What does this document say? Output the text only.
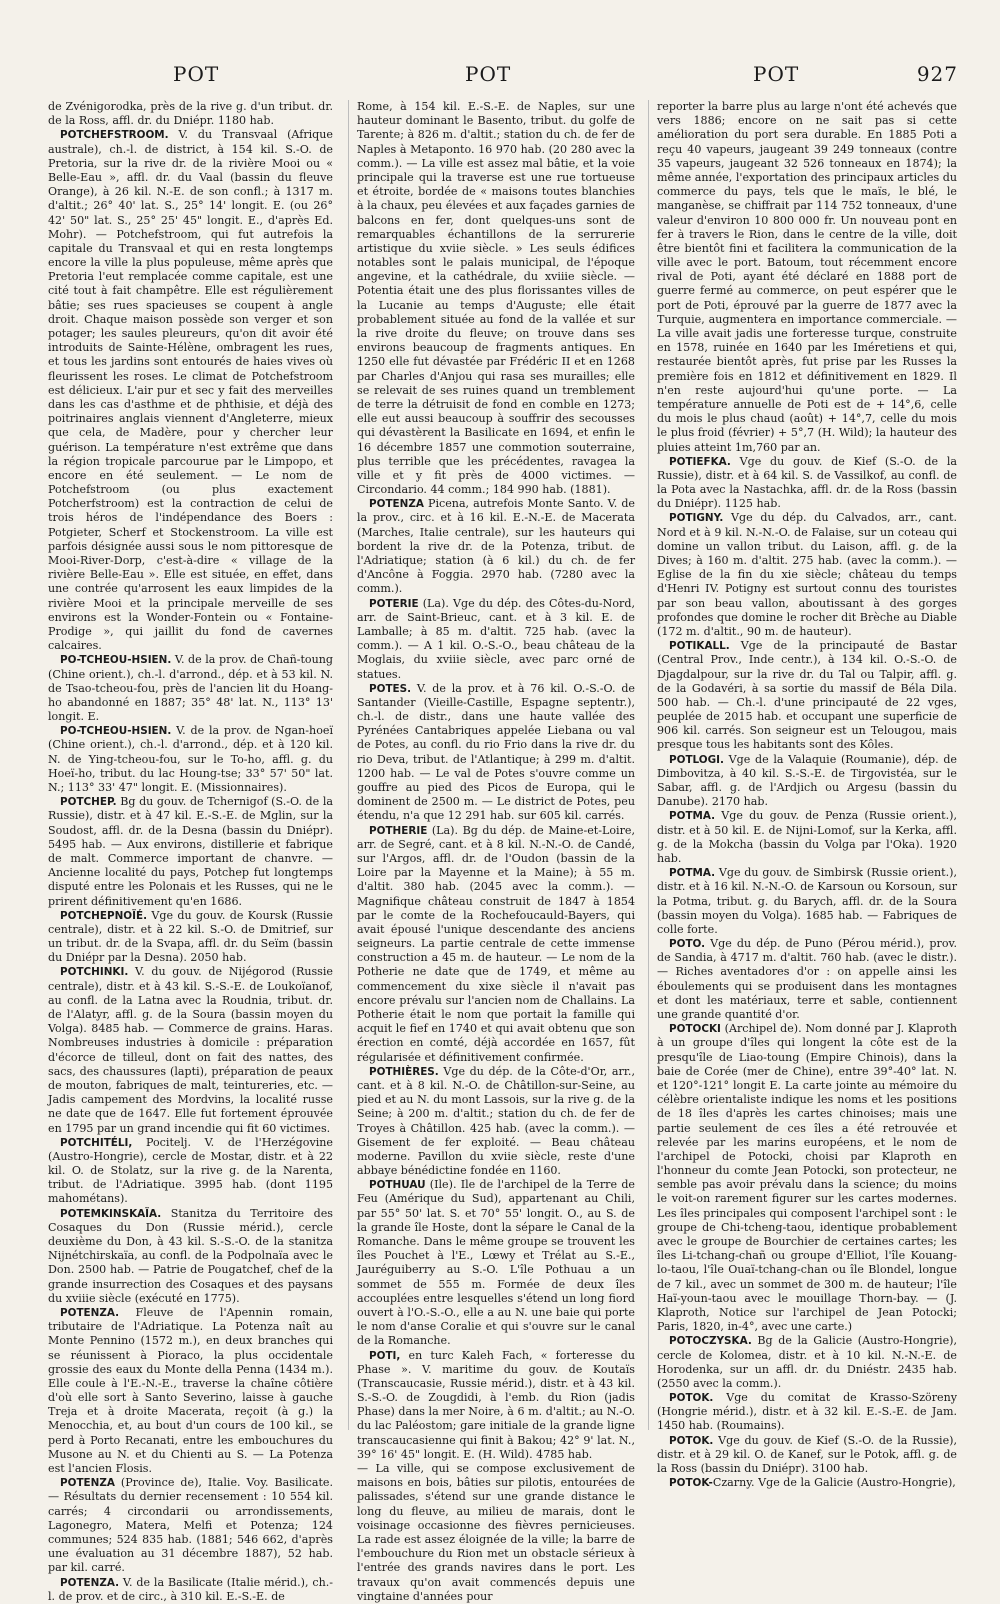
POT	POT	POT	927

de Zvénigorodka, près de la rive g. d'un tribut. dr. de la Ross, affl. dr. du Dniépr. 1180 hab.

POTCHEFSTROOM. V. du Transvaal (Afrique australe), ch.-l. de district, à 154 kil. S.-O. de Pretoria, sur la rive dr. de la rivière Mooi ou « Belle-Eau », affl. dr. du Vaal (bassin du fleuve Orange), à 26 kil. N.-E. de son confl.; à 1317 m. d'altit.; 26° 40' lat. S., 25° 14' longit. E. (ou 26° 42' 50" lat. S., 25° 25' 45" longit. E., d'après Ed. Mohr). — Potchefstroom, qui fut autrefois la capitale du Transvaal et qui en resta longtemps encore la ville la plus populeuse, même après que Pretoria l'eut remplacée comme capitale, est une cité tout à fait champêtre. Elle est régulièrement bâtie; ses rues spacieuses se coupent à angle droit. Chaque maison possède son verger et son potager; les saules pleureurs, qu'on dit avoir été introduits de Sainte-Hélène, ombragent les rues, et tous les jardins sont entourés de haies vives où fleurissent les roses. Le climat de Potchefstroom est délicieux. L'air pur et sec y fait des merveilles dans les cas d'asthme et de phthisie, et déjà des poitrinaires anglais viennent d'Angleterre, mieux que cela, de Madère, pour y chercher leur guérison. La température n'est extrême que dans la région tropicale parcourue par le Limpopo, et encore en été seulement. — Le nom de Potchefstroom (ou plus exactement Potcherfstroom) est la contraction de celui de trois héros de l'indépendance des Boers : Potgieter, Scherf et Stockenstroom. La ville est parfois désignée aussi sous le nom pittoresque de Mooi-River-Dorp, c'est-à-dire « village de la rivière Belle-Eau ». Elle est située, en effet, dans une contrée qu'arrosent les eaux limpides de la rivière Mooi et la principale merveille de ses environs est la Wonder-Fontein ou « Fontaine-Prodige », qui jaillit du fond de cavernes calcaires.

PO-TCHEOU-HSIEN. V. de la prov. de Chañ-toung (Chine orient.), ch.-l. d'arrond., dép. et à 53 kil. N. de Tsao-tcheou-fou, près de l'ancien lit du Hoang-ho abandonné en 1887; 35° 48' lat. N., 113° 13' longit. E.

PO-TCHEOU-HSIEN. V. de la prov. de Ngan-hoeï (Chine orient.), ch.-l. d'arrond., dép. et à 120 kil. N. de Ying-tcheou-fou, sur le To-ho, affl. g. du Hoeï-ho, tribut. du lac Houng-tse; 33° 57' 50" lat. N.; 113° 33' 47" longit. E. (Missionnaires).

POTCHEP. Bg du gouv. de Tchernigof (S.-O. de la Russie), distr. et à 47 kil. E.-S.-E. de Mglin, sur la Soudost, affl. dr. de la Desna (bassin du Dniépr). 5495 hab. — Aux environs, distillerie et fabrique de malt. Commerce important de chanvre. — Ancienne localité du pays, Potchep fut longtemps disputé entre les Polonais et les Russes, qui ne le prirent définitivement qu'en 1686.

POTCHEPNOÏÉ. Vge du gouv. de Koursk (Russie centrale), distr. et à 22 kil. S.-O. de Dmitrief, sur un tribut. dr. de la Svapa, affl. dr. du Seïm (bassin du Dniépr par la Desna). 2050 hab.

POTCHINKI. V. du gouv. de Nijégorod (Russie centrale), distr. et à 43 kil. S.-S.-E. de Loukoïanof, au confl. de la Latna avec la Roudnia, tribut. dr. de l'Alatyr, affl. g. de la Soura (bassin moyen du Volga). 8485 hab. — Commerce de grains. Haras. Nombreuses industries à domicile : préparation d'écorce de tilleul, dont on fait des nattes, des sacs, des chaussures (lapti), préparation de peaux de mouton, fabriques de malt, teintureries, etc. — Jadis campement des Mordvins, la localité russe ne date que de 1647. Elle fut fortement éprouvée en 1795 par un grand incendie qui fit 60 victimes.

POTCHITÉLI, Pocitelj. V. de l'Herzégovine (Austro-Hongrie), cercle de Mostar, distr. et à 22 kil. O. de Stolatz, sur la rive g. de la Narenta, tribut. de l'Adriatique. 3995 hab. (dont 1195 mahométans).

POTEMKINSKAÏA. Stanitza du Territoire des Cosaques du Don (Russie mérid.), cercle deuxième du Don, à 43 kil. S.-S.-O. de la stanitza Nijnétchirskaïa, au confl. de la Podpolnaïa avec le Don. 2500 hab. — Patrie de Pougatchef, chef de la grande insurrection des Cosaques et des paysans du xviiie siècle (exécuté en 1775).

POTENZA. Fleuve de l'Apennin romain, tributaire de l'Adriatique. La Potenza naît au Monte Pennino (1572 m.), en deux branches qui se réunissent à Pioraco, la plus occidentale grossie des eaux du Monte della Penna (1434 m.). Elle coule à l'E.-N.-E., traverse la chaîne côtière d'où elle sort à Santo Severino, laisse à gauche Treja et à droite Macerata, reçoit (à g.) la Menocchia, et, au bout d'un cours de 100 kil., se perd à Porto Recanati, entre les embouchures du Musone au N. et du Chienti au S. — La Potenza est l'ancien Flosis.

POTENZA (Province de), Italie. Voy. Basilicate. — Résultats du dernier recensement : 10 554 kil. carrés; 4 circondarii ou arrondissements, Lagonegro, Matera, Melfi et Potenza; 124 communes; 524 835 hab. (1881; 546 662, d'après une évaluation au 31 décembre 1887), 52 hab. par kil. carré.

POTENZA. V. de la Basilicate (Italie mérid.), ch.-l. de prov. et de circ., à 310 kil. E.-S.-E. de

Rome, à 154 kil. E.-S.-E. de Naples, sur une hauteur dominant le Basento, tribut. du golfe de Tarente; à 826 m. d'altit.; station du ch. de fer de Naples à Metaponto. 16 970 hab. (20 280 avec la comm.). — La ville est assez mal bâtie, et la voie principale qui la traverse est une rue tortueuse et étroite, bordée de « maisons toutes blanchies à la chaux, peu élevées et aux façades garnies de balcons en fer, dont quelques-uns sont de remarquables échantillons de la serrurerie artistique du xviie siècle. » Les seuls édifices notables sont le palais municipal, de l'époque angevine, et la cathédrale, du xviiie siècle. — Potentia était une des plus florissantes villes de la Lucanie au temps d'Auguste; elle était probablement située au fond de la vallée et sur la rive droite du fleuve; on trouve dans ses environs beaucoup de fragments antiques. En 1250 elle fut dévastée par Frédéric II et en 1268 par Charles d'Anjou qui rasa ses murailles; elle se relevait de ses ruines quand un tremblement de terre la détruisit de fond en comble en 1273; elle eut aussi beaucoup à souffrir des secousses qui dévastèrent la Basilicate en 1694, et enfin le 16 décembre 1857 une commotion souterraine, plus terrible que les précédentes, ravagea la ville et y fit près de 4000 victimes. — Circondario. 44 comm.; 184 990 hab. (1881).

POTENZA Picena, autrefois Monte Santo. V. de la prov., circ. et à 16 kil. E.-N.-E. de Macerata (Marches, Italie centrale), sur les hauteurs qui bordent la rive dr. de la Potenza, tribut. de l'Adriatique; station (à 6 kil.) du ch. de fer d'Ancône à Foggia. 2970 hab. (7280 avec la comm.).

POTERIE (La). Vge du dép. des Côtes-du-Nord, arr. de Saint-Brieuc, cant. et à 3 kil. E. de Lamballe; à 85 m. d'altit. 725 hab. (avec la comm.). — A 1 kil. O.-S.-O., beau château de la Moglais, du xviiie siècle, avec parc orné de statues.

POTES. V. de la prov. et à 76 kil. O.-S.-O. de Santander (Vieille-Castille, Espagne septentr.), ch.-l. de distr., dans une haute vallée des Pyrénées Cantabriques appelée Liebana ou val de Potes, au confl. du rio Frio dans la rive dr. du rio Deva, tribut. de l'Atlantique; à 299 m. d'altit. 1200 hab. — Le val de Potes s'ouvre comme un gouffre au pied des Picos de Europa, qui le dominent de 2500 m. — Le district de Potes, peu étendu, n'a que 12 291 hab. sur 605 kil. carrés.

POTHERIE (La). Bg du dép. de Maine-et-Loire, arr. de Segré, cant. et à 8 kil. N.-N.-O. de Candé, sur l'Argos, affl. dr. de l'Oudon (bassin de la Loire par la Mayenne et la Maine); à 55 m. d'altit. 380 hab. (2045 avec la comm.). — Magnifique château construit de 1847 à 1854 par le comte de la Rochefoucauld-Bayers, qui avait épousé l'unique descendante des anciens seigneurs. La partie centrale de cette immense construction a 45 m. de hauteur. — Le nom de la Potherie ne date que de 1749, et même au commencement du xixe siècle il n'avait pas encore prévalu sur l'ancien nom de Challains. La Potherie était le nom que portait la famille qui acquit le fief en 1740 et qui avait obtenu que son érection en comté, déjà accordée en 1657, fût régularisée et définitivement confirmée.

POTHIÈRES. Vge du dép. de la Côte-d'Or, arr., cant. et à 8 kil. N.-O. de Châtillon-sur-Seine, au pied et au N. du mont Lassois, sur la rive g. de la Seine; à 200 m. d'altit.; station du ch. de fer de Troyes à Châtillon. 425 hab. (avec la comm.). — Gisement de fer exploité. — Beau château moderne. Pavillon du xviie siècle, reste d'une abbaye bénédictine fondée en 1160.

POTHUAU (Ile). Ile de l'archipel de la Terre de Feu (Amérique du Sud), appartenant au Chili, par 55° 50' lat. S. et 70° 55' longit. O., au S. de la grande île Hoste, dont la sépare le Canal de la Romanche. Dans le même groupe se trouvent les îles Pouchet à l'E., Lœwy et Trélat au S.-E., Jauréguiberry au S.-O. L'île Pothuau a un sommet de 555 m. Formée de deux îles accouplées entre lesquelles s'étend un long fiord ouvert à l'O.-S.-O., elle a au N. une baie qui porte le nom d'anse Coralie et qui s'ouvre sur le canal de la Romanche.

POTI, en turc Kaleh Fach, « forteresse du Phase ». V. maritime du gouv. de Koutaïs (Transcaucasie, Russie mérid.), distr. et à 43 kil. S.-S.-O. de Zougdidi, à l'emb. du Rion (jadis Phase) dans la mer Noire, à 6 m. d'altit.; au N.-O. du lac Paléostom; gare initiale de la grande ligne transcaucasienne qui finit à Bakou; 42° 9' lat. N., 39° 16' 45" longit. E. (H. Wild). 4785 hab.

— La ville, qui se compose exclusivement de maisons en bois, bâties sur pilotis, entourées de palissades, s'étend sur une grande distance le long du fleuve, au milieu de marais, dont le voisinage occasionne des fièvres pernicieuses. La rade est assez éloignée de la ville; la barre de l'embouchure du Rion met un obstacle sérieux à l'entrée des grands navires dans le port. Les travaux qu'on avait commencés depuis une vingtaine d'années pour

reporter la barre plus au large n'ont été achevés que vers 1886; encore on ne sait pas si cette amélioration du port sera durable. En 1885 Poti a reçu 40 vapeurs, jaugeant 39 249 tonneaux (contre 35 vapeurs, jaugeant 32 526 tonneaux en 1874); la même année, l'exportation des principaux articles du commerce du pays, tels que le maïs, le blé, le manganèse, se chiffrait par 114 752 tonneaux, d'une valeur d'environ 10 800 000 fr. Un nouveau pont en fer à travers le Rion, dans le centre de la ville, doit être bientôt fini et facilitera la communication de la ville avec le port. Batoum, tout récemment encore rival de Poti, ayant été déclaré en 1888 port de guerre fermé au commerce, on peut espérer que le port de Poti, éprouvé par la guerre de 1877 avec la Turquie, augmentera en importance commerciale. — La ville avait jadis une forteresse turque, construite en 1578, ruinée en 1640 par les Iméretiens et qui, restaurée bientôt après, fut prise par les Russes la première fois en 1812 et définitivement en 1829. Il n'en reste aujourd'hui qu'une porte. — La température annuelle de Poti est de + 14°,6, celle du mois le plus chaud (août) + 14°,7, celle du mois le plus froid (février) + 5°,7 (H. Wild); la hauteur des pluies atteint 1m,760 par an.

POTIEFKA. Vge du gouv. de Kief (S.-O. de la Russie), distr. et à 64 kil. S. de Vassilkof, au confl. de la Pota avec la Nastachka, affl. dr. de la Ross (bassin du Dniépr). 1125 hab.

POTIGNY. Vge du dép. du Calvados, arr., cant. Nord et à 9 kil. N.-N.-O. de Falaise, sur un coteau qui domine un vallon tribut. du Laison, affl. g. de la Dives; à 160 m. d'altit. 275 hab. (avec la comm.). — Eglise de la fin du xie siècle; château du temps d'Henri IV. Potigny est surtout connu des touristes par son beau vallon, aboutissant à des gorges profondes que domine le rocher dit Brèche au Diable (172 m. d'altit., 90 m. de hauteur).

POTIKALL. Vge de la principauté de Bastar (Central Prov., Inde centr.), à 134 kil. O.-S.-O. de Djagdalpour, sur la rive dr. du Tal ou Talpir, affl. g. de la Godavéri, à sa sortie du massif de Béla Dila. 500 hab. — Ch.-l. d'une principauté de 22 vges, peuplée de 2015 hab. et occupant une superficie de 906 kil. carrés. Son seigneur est un Telougou, mais presque tous les habitants sont des Kôles.

POTLOGI. Vge de la Valaquie (Roumanie), dép. de Dimbovitza, à 40 kil. S.-S.-E. de Tirgovistéa, sur le Sabar, affl. g. de l'Ardjich ou Argesu (bassin du Danube). 2170 hab.

POTMA. Vge du gouv. de Penza (Russie orient.), distr. et à 50 kil. E. de Nijni-Lomof, sur la Kerka, affl. g. de la Mokcha (bassin du Volga par l'Oka). 1920 hab.

POTMA. Vge du gouv. de Simbirsk (Russie orient.), distr. et à 16 kil. N.-N.-O. de Karsoun ou Korsoun, sur la Potma, tribut. g. du Barych, affl. dr. de la Soura (bassin moyen du Volga). 1685 hab. — Fabriques de colle forte.

POTO. Vge du dép. de Puno (Pérou mérid.), prov. de Sandia, à 4717 m. d'altit. 760 hab. (avec le distr.). — Riches aventadores d'or : on appelle ainsi les éboulements qui se produisent dans les montagnes et dont les matériaux, terre et sable, contiennent une grande quantité d'or.

POTOCKI (Archipel de). Nom donné par J. Klaproth à un groupe d'îles qui longent la côte est de la presqu'île de Liao-toung (Empire Chinois), dans la baie de Corée (mer de Chine), entre 39°-40° lat. N. et 120°-121° longit E. La carte jointe au mémoire du célèbre orientaliste indique les noms et les positions de 18 îles d'après les cartes chinoises; mais une partie seulement de ces îles a été retrouvée et relevée par les marins européens, et le nom de l'archipel de Potocki, choisi par Klaproth en l'honneur du comte Jean Potocki, son protecteur, ne semble pas avoir prévalu dans la science; du moins le voit-on rarement figurer sur les cartes modernes. Les îles principales qui composent l'archipel sont : le groupe de Chi-tcheng-taou, identique probablement avec le groupe de Bourchier de certaines cartes; les îles Li-tchang-chañ ou groupe d'Elliot, l'île Kouang-lo-taou, l'île Ouaï-tchang-chan ou île Blondel, longue de 7 kil., avec un sommet de 300 m. de hauteur; l'île Haï-youn-taou avec le mouillage Thorn-bay. — (J. Klaproth, Notice sur l'archipel de Jean Potocki; Paris, 1820, in-4°, avec une carte.)

POTOCZYSKA. Bg de la Galicie (Austro-Hongrie), cercle de Kolomea, distr. et à 10 kil. N.-N.-E. de Horodenka, sur un affl. dr. du Dniéstr. 2435 hab. (2550 avec la comm.).

POTOK. Vge du comitat de Krasso-Szöreny (Hongrie mérid.), distr. et à 32 kil. E.-S.-E. de Jam. 1450 hab. (Roumains).

POTOK. Vge du gouv. de Kief (S.-O. de la Russie), distr. et à 29 kil. O. de Kanef, sur le Potok, affl. g. de la Ross (bassin du Dniépr). 3100 hab.

POTOK-Czarny. Vge de la Galicie (Austro-Hongrie),
